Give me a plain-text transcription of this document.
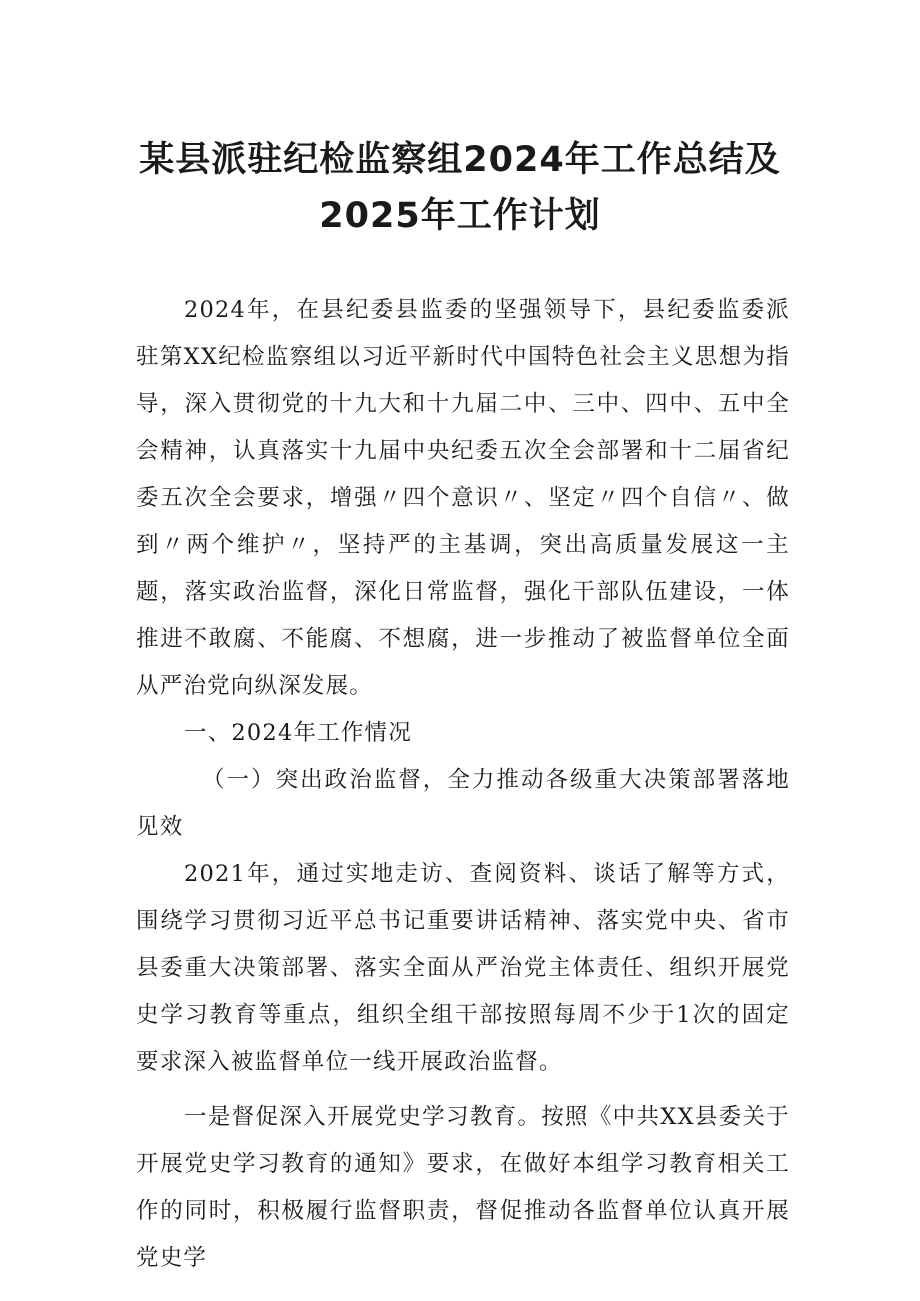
某县派驻纪检监察组2024年工作总结及
2025年工作计划

2024年，在县纪委县监委的坚强领导下，县纪委监委派驻第XX纪检监察组以习近平新时代中国特色社会主义思想为指导，深入贯彻党的十九大和十九届二中、三中、四中、五中全会精神，认真落实十九届中央纪委五次全会部署和十二届省纪委五次全会要求，增强〃四个意识〃、坚定〃四个自信〃、做到〃两个维护〃，坚持严的主基调，突出高质量发展这一主题，落实政治监督，深化日常监督，强化干部队伍建设，一体推进不敢腐、不能腐、不想腐，进一步推动了被监督单位全面从严治党向纵深发展。

一、2024年工作情况

（一）突出政治监督，全力推动各级重大决策部署落地见效

2021年，通过实地走访、查阅资料、谈话了解等方式，围绕学习贯彻习近平总书记重要讲话精神、落实党中央、省市县委重大决策部署、落实全面从严治党主体责任、组织开展党史学习教育等重点，组织全组干部按照每周不少于1次的固定要求深入被监督单位一线开展政治监督。

一是督促深入开展党史学习教育。按照《中共XX县委关于开展党史学习教育的通知》要求，在做好本组学习教育相关工作的同时，积极履行监督职责，督促推动各监督单位认真开展党史学
